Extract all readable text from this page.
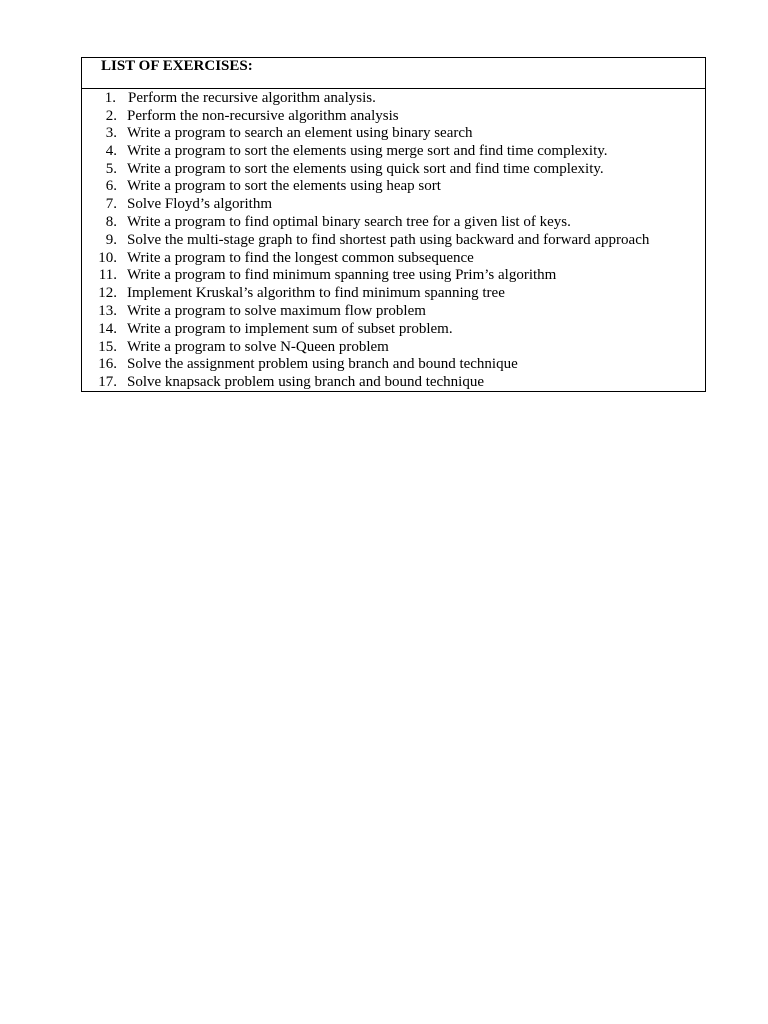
LIST OF EXERCISES:
1. Perform the recursive algorithm analysis.
2. Perform the non-recursive algorithm analysis
3. Write a program to search an element using binary search
4. Write a program to sort the elements using merge sort and find time complexity.
5. Write a program to sort the elements using quick sort and find time complexity.
6. Write a program to sort the elements using heap sort
7. Solve Floyd’s algorithm
8. Write a program to find optimal binary search tree for a given list of keys.
9. Solve the multi-stage graph to find shortest path using backward and forward approach
10. Write a program to find the longest common subsequence
11. Write a program to find minimum spanning tree using Prim’s algorithm
12. Implement Kruskal’s algorithm to find minimum spanning tree
13. Write a program to solve maximum flow problem
14. Write a program to implement sum of subset problem.
15. Write a program to solve N-Queen problem
16. Solve the assignment problem using branch and bound technique
17. Solve knapsack problem using branch and bound technique
